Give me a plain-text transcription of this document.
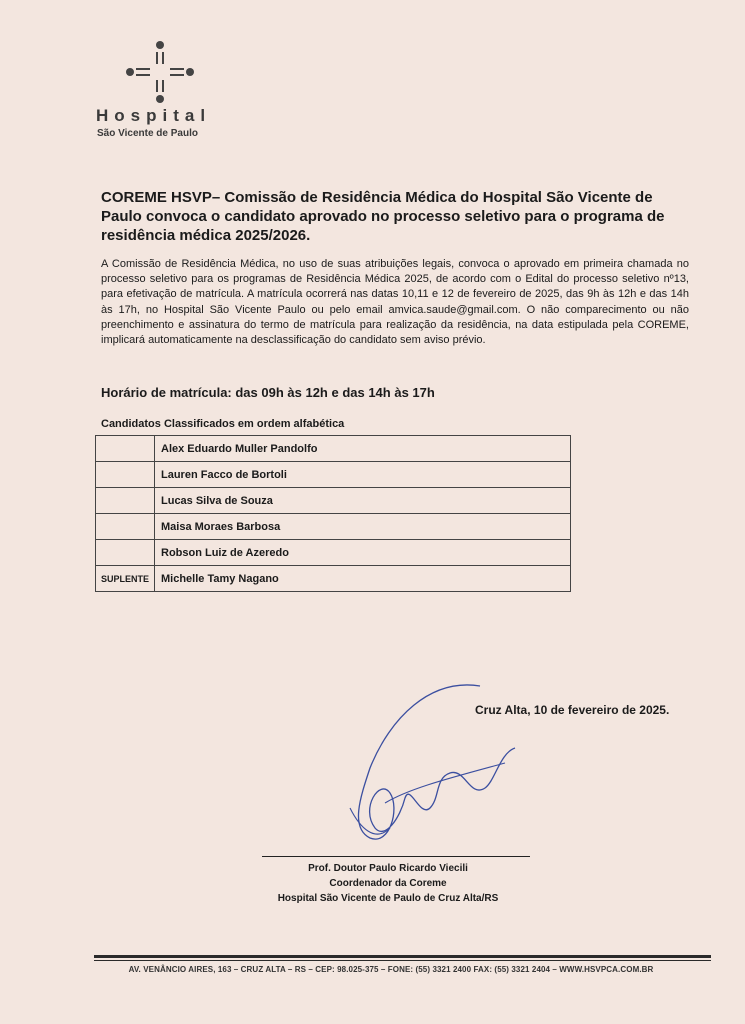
Hospital
São Vicente de Paulo

COREME HSVP– Comissão de Residência Médica do Hospital São Vicente de Paulo convoca o candidato aprovado no processo seletivo para o programa de residência médica 2025/2026.

A Comissão de Residência Médica, no uso de suas atribuições legais, convoca o aprovado em primeira chamada no processo seletivo para os programas de Residência Médica 2025, de acordo com o Edital do processo seletivo nº13, para efetivação de matrícula. A matrícula ocorrerá nas datas 10,11 e 12 de fevereiro de 2025, das 9h às 12h e das 14h às 17h, no Hospital São Vicente Paulo ou pelo email amvica.saude@gmail.com. O não comparecimento ou não preenchimento e assinatura do termo de matrícula para realização da residência, na data estipulada pela COREME, implicará automaticamente na desclassificação do candidato sem aviso prévio.

Horário de matrícula: das 09h às 12h e das 14h às 17h

Candidatos Classificados em ordem alfabética

	Alex Eduardo Muller Pandolfo
	Lauren Facco de Bortoli
	Lucas Silva de Souza
	Maisa Moraes Barbosa
	Robson Luiz de Azeredo
SUPLENTE	Michelle Tamy Nagano

Cruz Alta, 10 de fevereiro de 2025.

Prof. Doutor Paulo Ricardo Viecili
Coordenador da Coreme
Hospital São Vicente de Paulo de Cruz Alta/RS
AV. VENÂNCIO AIRES, 163 – CRUZ ALTA – RS – CEP: 98.025-375 – FONE: (55) 3321 2400 FAX: (55) 3321 2404 – WWW.HSVPCA.COM.BR
